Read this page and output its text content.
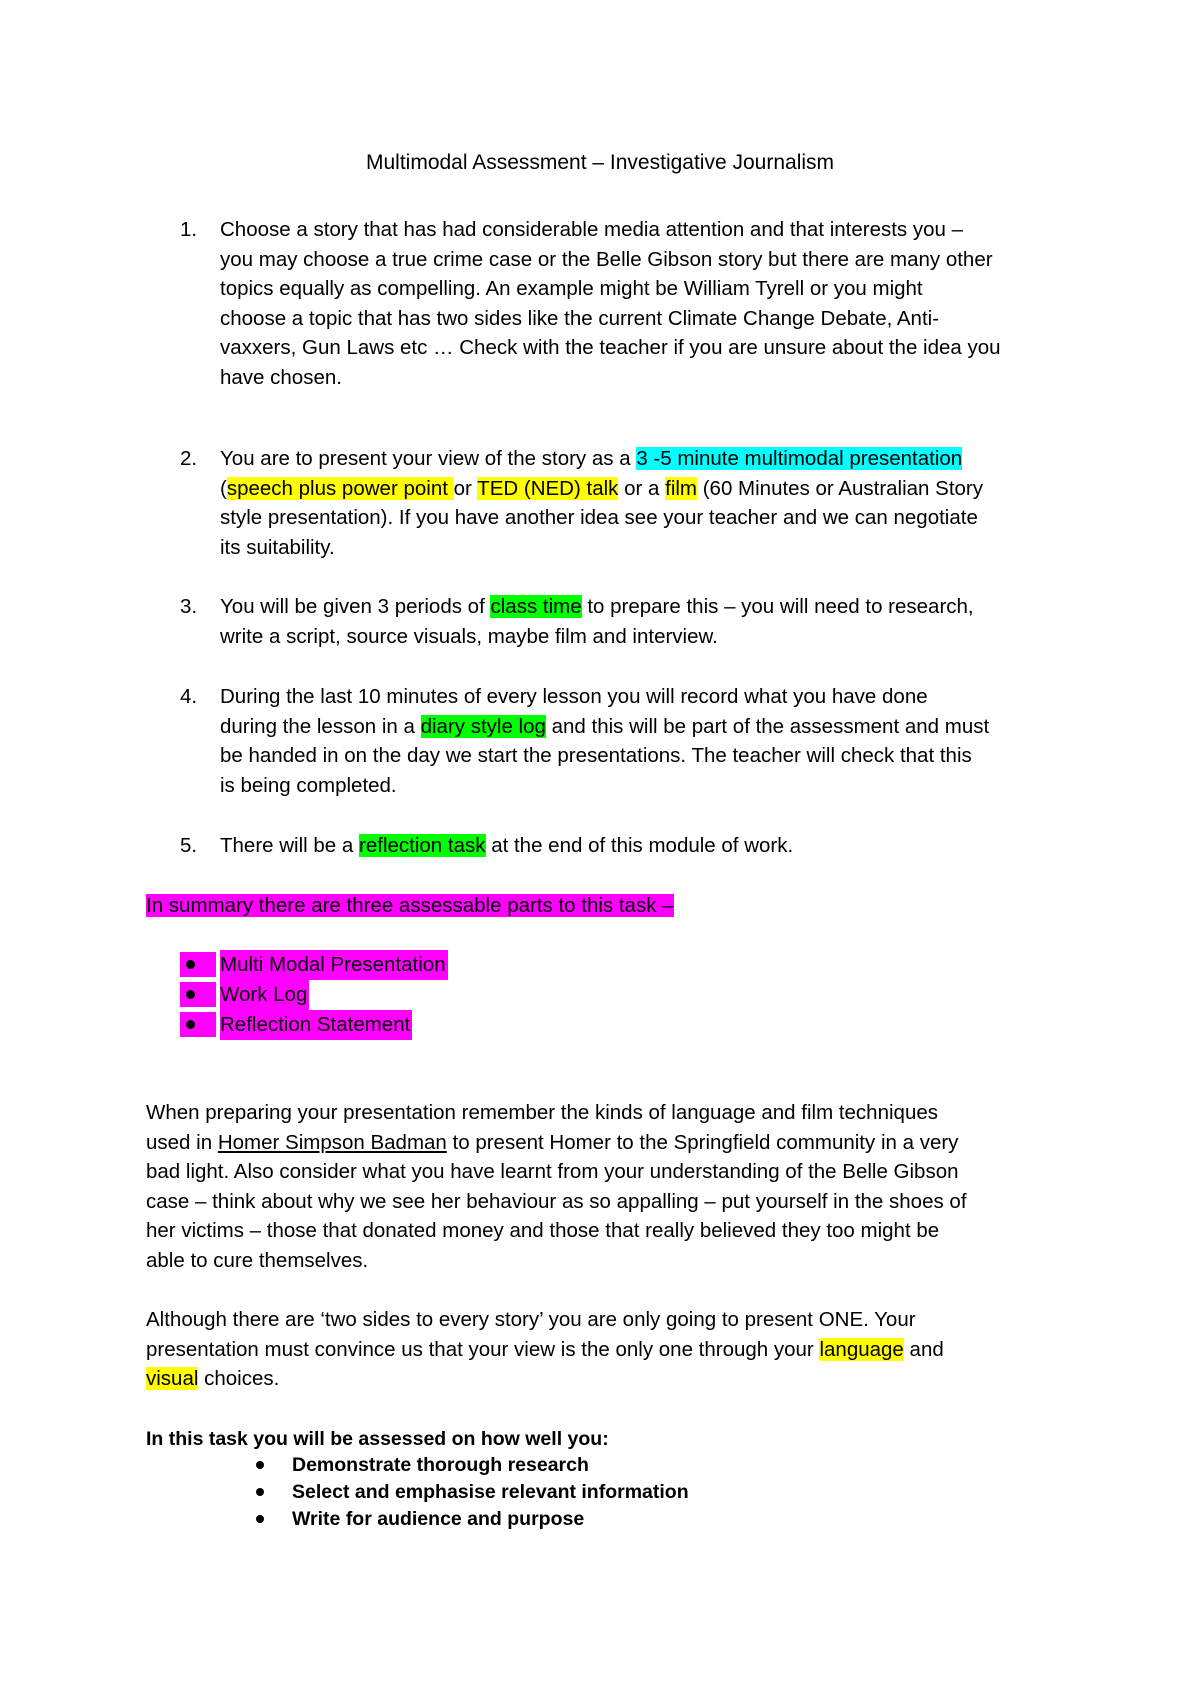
Multimodal Assessment – Investigative Journalism
1.	Choose a story that has had considerable media attention and that interests you –
you may choose a true crime case or the Belle Gibson story but there are many other
topics equally as compelling. An example might be William Tyrell or you might
choose a topic that has two sides like the current Climate Change Debate, Anti-
vaxxers, Gun Laws etc … Check with the teacher if you are unsure about the idea you
have chosen.
2.	You are to present your view of the story as a 3 -5 minute multimodal presentation
(speech plus power point or TED (NED) talk or a film (60 Minutes or Australian Story
style presentation). If you have another idea see your teacher and we can negotiate
its suitability.
3.	You will be given 3 periods of class time to prepare this – you will need to research,
write a script, source visuals, maybe film and interview.
4.	During the last 10 minutes of every lesson you will record what you have done
during the lesson in a diary style log and this will be part of the assessment and must
be handed in on the day we start the presentations. The teacher will check that this
is being completed.
5.	There will be a reflection task at the end of this module of work.
In summary there are three assessable parts to this task –
Multi Modal Presentation
Work Log
Reflection Statement
When preparing your presentation remember the kinds of language and film techniques
used in Homer Simpson Badman to present Homer to the Springfield community in a very
bad light. Also consider what you have learnt from your understanding of the Belle Gibson
case – think about why we see her behaviour as so appalling – put yourself in the shoes of
her victims – those that donated money and those that really believed they too might be
able to cure themselves.
Although there are ‘two sides to every story’ you are only going to present ONE. Your
presentation must convince us that your view is the only one through your language and
visual choices.
In this task you will be assessed on how well you:
Demonstrate thorough research
Select and emphasise relevant information
Write for audience and purpose
